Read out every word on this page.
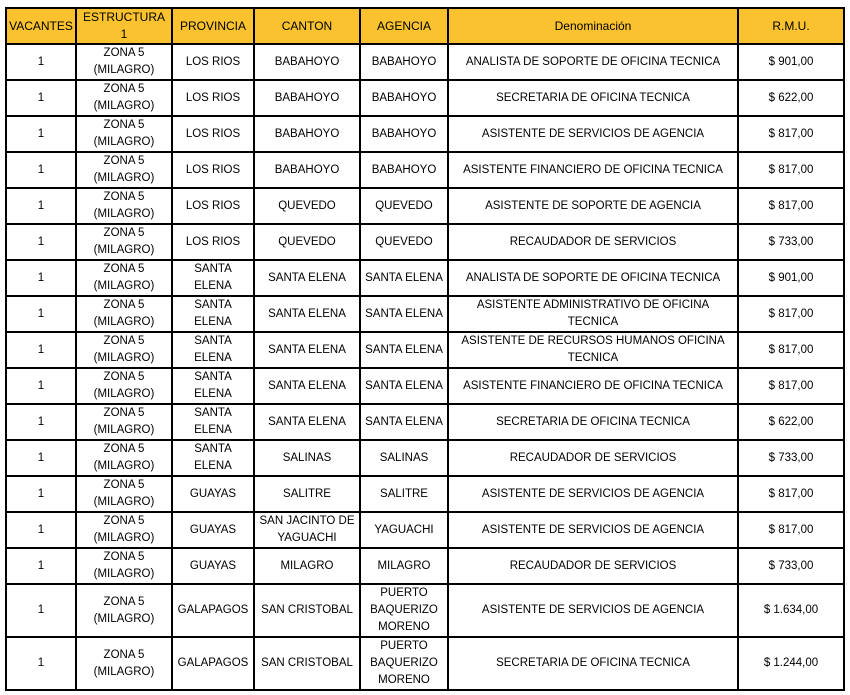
VACANTES	ESTRUCTURA 1	PROVINCIA	CANTON	AGENCIA	Denominación	R.M.U.
1	ZONA 5 (MILAGRO)	LOS RIOS	BABAHOYO	BABAHOYO	ANALISTA DE SOPORTE DE OFICINA TECNICA	$ 901,00
1	ZONA 5 (MILAGRO)	LOS RIOS	BABAHOYO	BABAHOYO	SECRETARIA DE OFICINA TECNICA	$ 622,00
1	ZONA 5 (MILAGRO)	LOS RIOS	BABAHOYO	BABAHOYO	ASISTENTE DE SERVICIOS DE AGENCIA	$ 817,00
1	ZONA 5 (MILAGRO)	LOS RIOS	BABAHOYO	BABAHOYO	ASISTENTE FINANCIERO DE OFICINA TECNICA	$ 817,00
1	ZONA 5 (MILAGRO)	LOS RIOS	QUEVEDO	QUEVEDO	ASISTENTE DE SOPORTE DE AGENCIA	$ 817,00
1	ZONA 5 (MILAGRO)	LOS RIOS	QUEVEDO	QUEVEDO	RECAUDADOR DE SERVICIOS	$ 733,00
1	ZONA 5 (MILAGRO)	SANTA ELENA	SANTA ELENA	SANTA ELENA	ANALISTA DE SOPORTE DE OFICINA TECNICA	$ 901,00
1	ZONA 5 (MILAGRO)	SANTA ELENA	SANTA ELENA	SANTA ELENA	ASISTENTE ADMINISTRATIVO DE OFICINA TECNICA	$ 817,00
1	ZONA 5 (MILAGRO)	SANTA ELENA	SANTA ELENA	SANTA ELENA	ASISTENTE DE RECURSOS HUMANOS OFICINA TECNICA	$ 817,00
1	ZONA 5 (MILAGRO)	SANTA ELENA	SANTA ELENA	SANTA ELENA	ASISTENTE FINANCIERO DE OFICINA TECNICA	$ 817,00
1	ZONA 5 (MILAGRO)	SANTA ELENA	SANTA ELENA	SANTA ELENA	SECRETARIA DE OFICINA TECNICA	$ 622,00
1	ZONA 5 (MILAGRO)	SANTA ELENA	SALINAS	SALINAS	RECAUDADOR DE SERVICIOS	$ 733,00
1	ZONA 5 (MILAGRO)	GUAYAS	SALITRE	SALITRE	ASISTENTE DE SERVICIOS DE AGENCIA	$ 817,00
1	ZONA 5 (MILAGRO)	GUAYAS	SAN JACINTO DE YAGUACHI	YAGUACHI	ASISTENTE DE SERVICIOS DE AGENCIA	$ 817,00
1	ZONA 5 (MILAGRO)	GUAYAS	MILAGRO	MILAGRO	RECAUDADOR DE SERVICIOS	$ 733,00
1	ZONA 5 (MILAGRO)	GALAPAGOS	SAN CRISTOBAL	PUERTO BAQUERIZO MORENO	ASISTENTE DE SERVICIOS DE AGENCIA	$ 1.634,00
1	ZONA 5 (MILAGRO)	GALAPAGOS	SAN CRISTOBAL	PUERTO BAQUERIZO MORENO	SECRETARIA DE OFICINA TECNICA	$ 1.244,00
